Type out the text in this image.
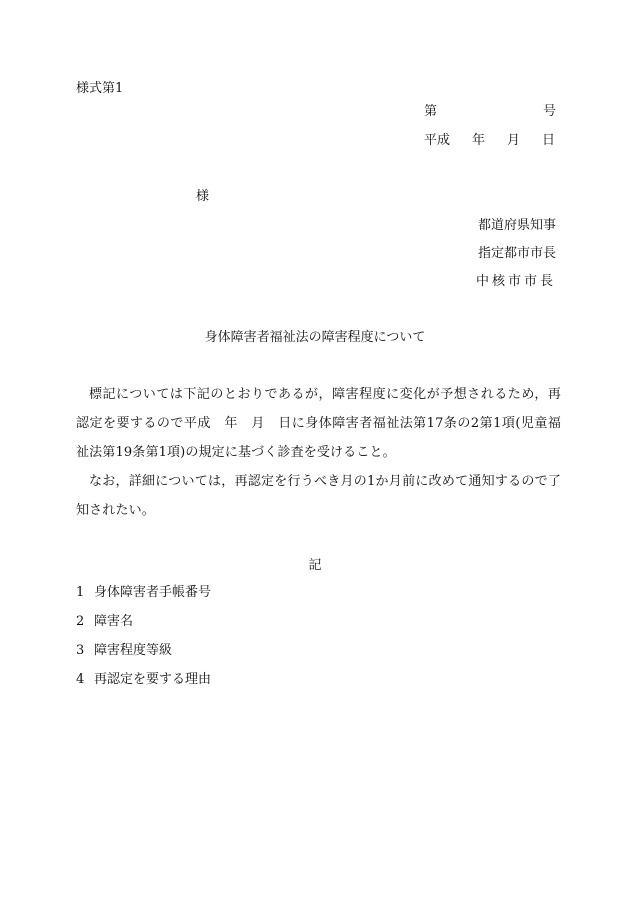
様式第1
第	号
平成 年 月 日
様
都道府県知事
指定都市市長
中核市市長
身体障害者福祉法の障害程度について
標記については下記のとおりであるが，障害程度に変化が予想されるため，再認定を要するので平成　年　月　日に身体障害者福祉法第17条の2第1項(児童福祉法第19条第1項)の規定に基づく診査を受けること。
なお，詳細については，再認定を行うべき月の1か月前に改めて通知するので了知されたい。
記
1 身体障害者手帳番号
2 障害名
3 障害程度等級
4 再認定を要する理由
